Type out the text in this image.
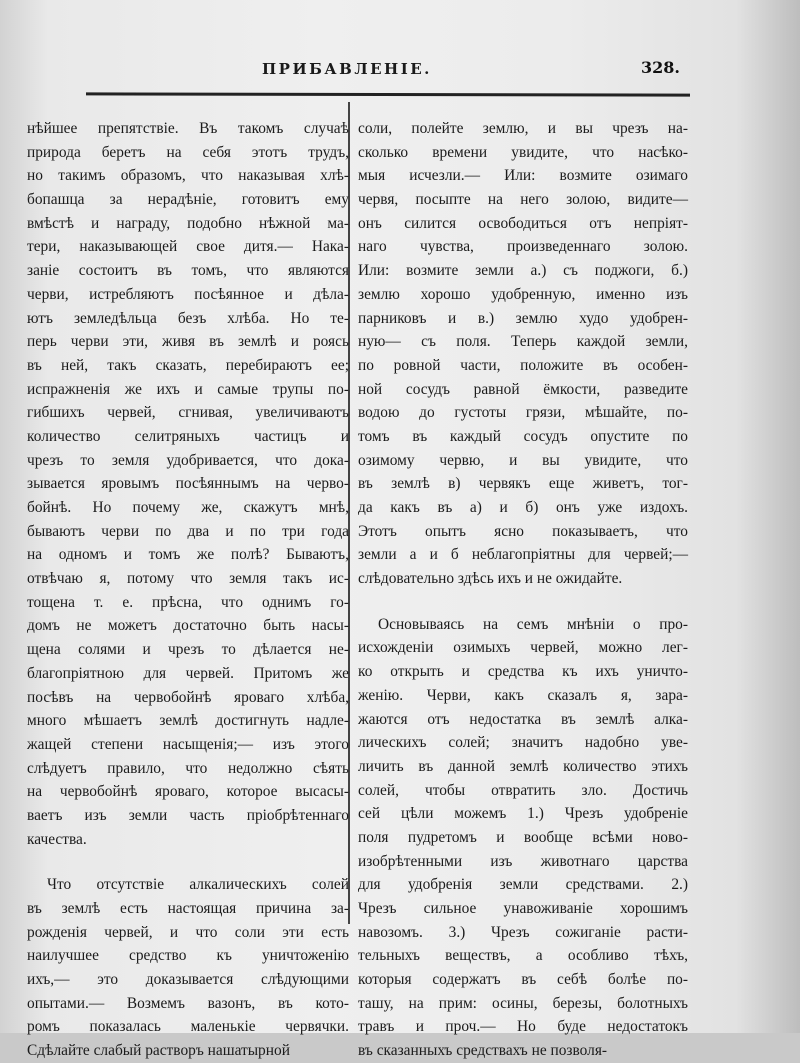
ПРИБАВЛЕНІЕ.	328.
нѣйшее препятствіе. Въ такомъ случаѣ
природа беретъ на себя этотъ трудъ,
но такимъ образомъ, что наказывая хлѣ-
бопашца за нерадѣніе, готовитъ ему
вмѣстѣ и награду, подобно нѣжной ма-
тери, наказывающей свое дитя.— Нака-
заніе состоитъ въ томъ, что являются
черви, истребляютъ посѣянное и дѣла-
ютъ земледѣльца безъ хлѣба. Но те-
перь черви эти, живя въ землѣ и роясь
въ ней, такъ сказать, перебираютъ ее;
испражненія же ихъ и самые трупы по-
гибшихъ червей, сгнивая, увеличиваютъ
количество селитряныхъ частицъ и
чрезъ то земля удобривается, что дока-
зывается яровымъ посѣяннымъ на черво-
бойнѣ. Но почему же, скажутъ мнѣ,
бываютъ черви по два и по три года
на одномъ и томъ же полѣ? Бываютъ,
отвѣчаю я, потому что земля такъ ис-
тощена т. е. прѣсна, что однимъ го-
домъ не можетъ достаточно быть насы-
щена солями и чрезъ то дѣлается не-
благопріятною для червей. Притомъ же
посѣвъ на червобойнѣ яроваго хлѣба,
много мѣшаетъ землѣ достигнуть надле-
жащей степени насыщенія;— изъ этого
слѣдуетъ правило, что недолжно сѣять
на червобойнѣ яроваго, которое высасы-
ваетъ изъ земли часть пріобрѣтеннаго
качества.
Что отсутствіе алкалическихъ солей
въ землѣ есть настоящая причина за-
рожденія червей, и что соли эти есть
наилучшее средство къ уничтоженію
ихъ,— это доказывается слѣдующими
опытами.— Возмемъ вазонъ, въ кото-
ромъ показалась маленькіе червячки.
Сдѣлайте слабый растворъ нашатырной
соли, полейте землю, и вы чрезъ на-
сколько времени увидите, что насѣко-
мыя исчезли.— Или: возмите озимаго
червя, посыпте на него золою, видите—
онъ силится освободиться отъ непріят-
наго чувства, произведеннаго золою.
Или: возмите земли а.) съ поджоги, б.)
землю хорошо удобренную, именно изъ
парниковъ и в.) землю худо удобрен-
ную— съ поля. Теперь каждой земли,
по ровной части, положите въ особен-
ной сосудъ равной ёмкости, разведите
водою до густоты грязи, мѣшайте, по-
томъ въ каждый сосудъ опустите по
озимому червю, и вы увидите, что
въ землѣ в) червякъ еще живетъ, тог-
да какъ въ а) и б) онъ уже издохъ.
Этотъ опытъ ясно показываетъ, что
земли а и б неблагопріятны для червей;—
слѣдовательно здѣсь ихъ и не ожидайте.
Основываясь на семъ мнѣніи о про-
исхожденіи озимыхъ червей, можно лег-
ко открыть и средства къ ихъ уничто-
женію. Черви, какъ сказалъ я, зара-
жаются отъ недостатка въ землѣ алка-
лическихъ солей; значитъ надобно уве-
личить въ данной землѣ количество этихъ
солей, чтобы отвратить зло. Достичь
сей цѣли можемъ 1.) Чрезъ удобреніе
поля пудретомъ и вообще всѣми ново-
изобрѣтенными изъ животнаго царства
для удобренія земли средствами. 2.)
Чрезъ сильное унавоживаніе хорошимъ
навозомъ. 3.) Чрезъ сожиганіе расти-
тельныхъ веществъ, а особливо тѣхъ,
которыя содержатъ въ себѣ болѣе по-
ташу, на прим: осины, березы, болотныхъ
травъ и проч.— Но буде недостатокъ
въ сказанныхъ средствахъ не позволя-
